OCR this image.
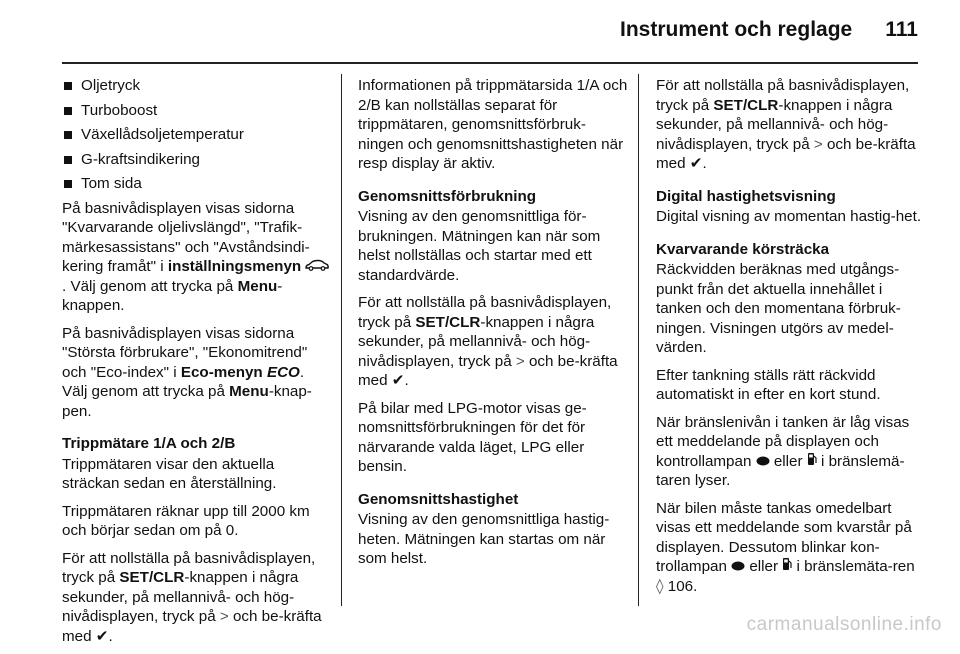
Instrument och reglage 111
Oljetryck
Turboboost
Växellådsoljetemperatur
G-kraftsindikering
Tom sida

På basnivådisplayen visas sidorna "Kvarvarande oljelivslängd", "Trafik-märkesassistans" och "Avståndsindi-kering framåt" i inställningsmenyn . Välj genom att trycka på Menu-knappen.

På basnivådisplayen visas sidorna "Största förbrukare", "Ekonomitrend" och "Eco-index" i Eco-menyn ECO. Välj genom att trycka på Menu-knap-pen.

Trippmätare 1/A och 2/B

Trippmätaren visar den aktuella sträckan sedan en återställning.

Trippmätaren räknar upp till 2000 km och börjar sedan om på 0.

För att nollställa på basnivådisplayen, tryck på SET/CLR-knappen i några sekunder, på mellannivå- och hög-nivådisplayen, tryck på > och be-kräfta med ✔.

Informationen på trippmätarsida 1/A och 2/B kan nollställas separat för trippmätaren, genomsnittsförbruk-ningen och genomsnittshastigheten när resp display är aktiv.

Genomsnittsförbrukning

Visning av den genomsnittliga för-brukningen. Mätningen kan när som helst nollställas och startar med ett standardvärde.

För att nollställa på basnivådisplayen, tryck på SET/CLR-knappen i några sekunder, på mellannivå- och hög-nivådisplayen, tryck på > och be-kräfta med ✔.

På bilar med LPG-motor visas ge-nomsnittsförbrukningen för det för närvarande valda läget, LPG eller bensin.

Genomsnittshastighet

Visning av den genomsnittliga hastig-heten. Mätningen kan startas om när som helst.

För att nollställa på basnivådisplayen, tryck på SET/CLR-knappen i några sekunder, på mellannivå- och hög-nivådisplayen, tryck på > och be-kräfta med ✔.

Digital hastighetsvisning

Digital visning av momentan hastig-het.

Kvarvarande körsträcka

Räckvidden beräknas med utgångs-punkt från det aktuella innehållet i tanken och den momentana förbruk-ningen. Visningen utgörs av medel-värden.

Efter tankning ställs rätt räckvidd automatiskt in efter en kort stund.

När bränslenivån i tanken är låg visas ett meddelande på displayen och kontrollampan  eller  i bränslemä-taren lyser.

När bilen måste tankas omedelbart visas ett meddelande som kvarstår på displayen. Dessutom blinkar kon-trollampan  eller  i bränslemäta-ren ◊ 106.

carmanualsonline.info
